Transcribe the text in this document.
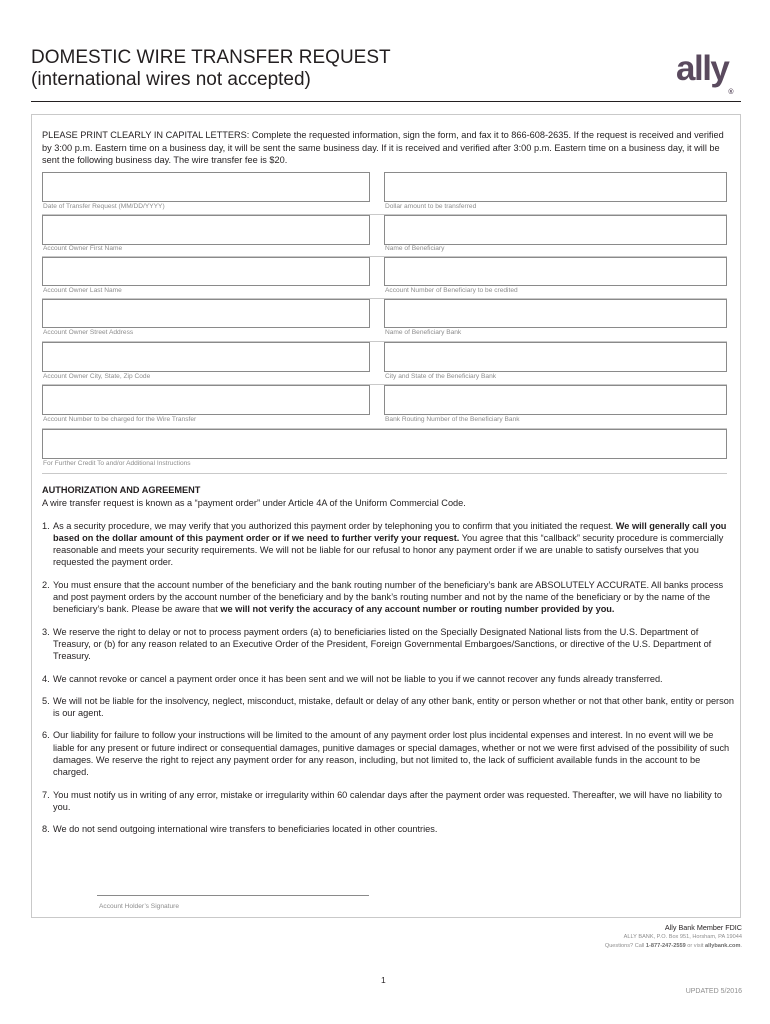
DOMESTIC WIRE TRANSFER REQUEST
(international wires not accepted)	ally®
PLEASE PRINT CLEARLY IN CAPITAL LETTERS: Complete the requested information, sign the form, and fax it to 866-608-2635. If the request is received and verified by 3:00 p.m. Eastern time on a business day, it will be sent the same business day. If it is received and verified after 3:00 p.m. Eastern time on a business day, it will be sent the following business day. The wire transfer fee is $20.
Date of Transfer Request (MM/DD/YYYY)	Dollar amount to be transferred
Account Owner First Name	Name of Beneficiary
Account Owner Last Name	Account Number of Beneficiary to be credited
Account Owner Street Address	Name of Beneficiary Bank
Account Owner City, State, Zip Code	City and State of the Beneficiary Bank
Account Number to be charged for the Wire Transfer	Bank Routing Number of the Beneficiary Bank
For Further Credit To and/or Additional Instructions
AUTHORIZATION AND AGREEMENT
A wire transfer request is known as a “payment order” under Article 4A of the Uniform Commercial Code.
1. As a security procedure, we may verify that you authorized this payment order by telephoning you to confirm that you initiated the request. We will generally call you based on the dollar amount of this payment order or if we need to further verify your request. You agree that this “callback” security procedure is commercially reasonable and meets your security requirements. We will not be liable for our refusal to honor any payment order if we are unable to satisfy ourselves that you requested the payment order.
2. You must ensure that the account number of the beneficiary and the bank routing number of the beneficiary’s bank are ABSOLUTELY ACCURATE. All banks process and post payment orders by the account number of the beneficiary and by the bank’s routing number and not by the name of the beneficiary or by the name of the beneficiary’s bank. Please be aware that we will not verify the accuracy of any account number or routing number provided by you.
3. We reserve the right to delay or not to process payment orders (a) to beneficiaries listed on the Specially Designated National lists from the U.S. Department of Treasury, or (b) for any reason related to an Executive Order of the President, Foreign Governmental Embargoes/Sanctions, or directive of the U.S. Department of Treasury.
4. We cannot revoke or cancel a payment order once it has been sent and we will not be liable to you if we cannot recover any funds already transferred.
5. We will not be liable for the insolvency, neglect, misconduct, mistake, default or delay of any other bank, entity or person whether or not that other bank, entity or person is our agent.
6. Our liability for failure to follow your instructions will be limited to the amount of any payment order lost plus incidental expenses and interest. In no event will we be liable for any present or future indirect or consequential damages, punitive damages or special damages, whether or not we were first advised of the possibility of such damages. We reserve the right to reject any payment order for any reason, including, but not limited to, the lack of sufficient available funds in the account to be charged.
7. You must notify us in writing of any error, mistake or irregularity within 60 calendar days after the payment order was requested. Thereafter, we will have no liability to you.
8. We do not send outgoing international wire transfers to beneficiaries located in other countries.
Account Holder’s Signature
Ally Bank Member FDIC
ALLY BANK, P.O. Box 951, Horsham, PA 19044
Questions? Call 1-877-247-2559 or visit allybank.com.
1
UPDATED 5/2016
